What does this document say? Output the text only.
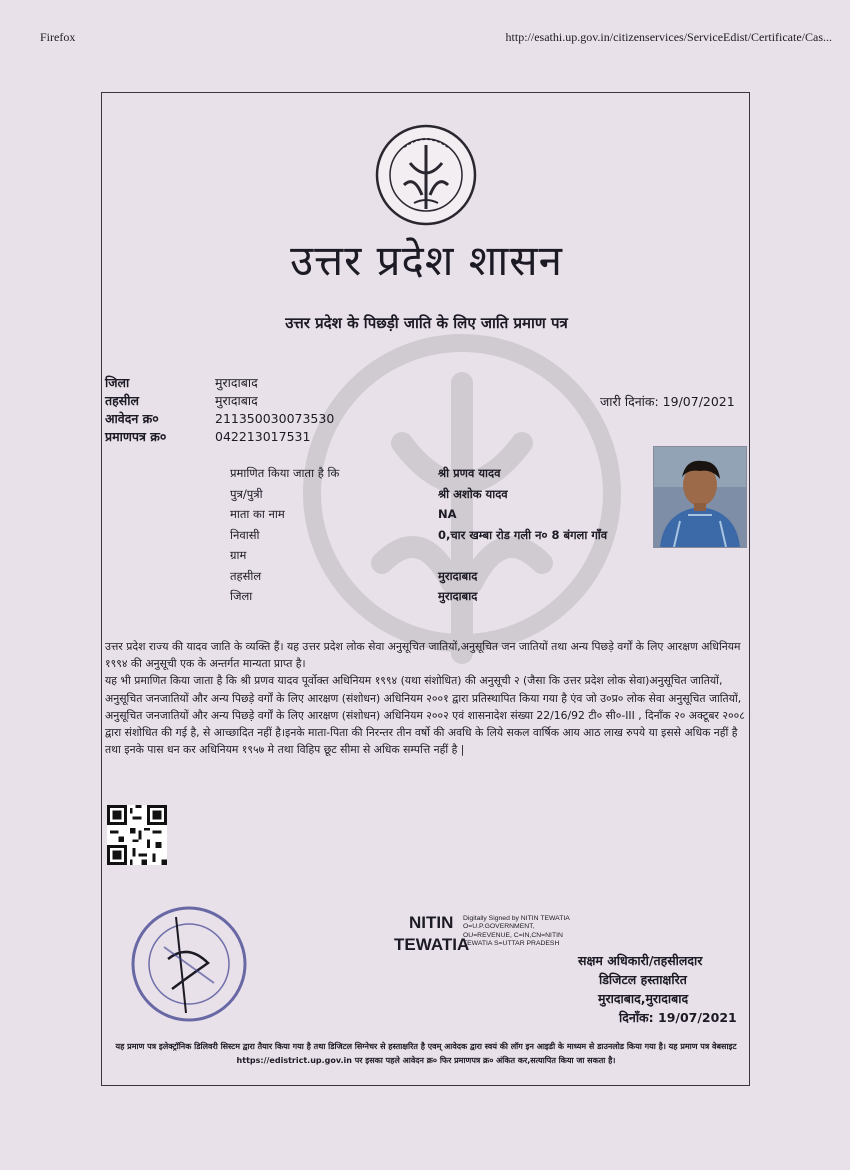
Firefox	http://esathi.up.gov.in/citizenservices/ServiceEdist/Certificate/Cas...
उत्तर प्रदेश शासन
उत्तर प्रदेश के पिछड़ी जाति के लिए जाति प्रमाण पत्र
जिला	मुरादाबाद
तहसील	मुरादाबाद
आवेदन क्र०	211350030073530
प्रमाणपत्र क्र०	042213017531
जारी दिनांक: 19/07/2021
प्रमाणित किया जाता है कि	श्री प्रणव यादव
पुत्र/पुत्री	श्री अशोक यादव
माता का नाम	NA
निवासी	0,चार खम्बा रोड गली न० 8 बंगला गाँव
ग्राम
तहसील	मुरादाबाद
जिला	मुरादाबाद

उत्तर प्रदेश राज्य की यादव जाति के व्यक्ति हैं। यह उत्तर प्रदेश लोक सेवा अनुसूचित जातियों,अनुसूचित जन जातियों तथा अन्य पिछड़े वर्गों के लिए आरक्षण अधिनियम १९९४ की अनुसूची एक के अन्तर्गत मान्यता प्राप्त है।

यह भी प्रमाणित किया जाता है कि श्री प्रणव यादव पूर्वोक्त अधिनियम १९९४ (यथा संशोधित) की अनुसूची २ (जैसा कि उत्तर प्रदेश लोक सेवा)अनुसूचित जातियों, अनुसूचित जनजातियों और अन्य पिछड़े वर्गों के लिए आरक्षण (संशोधन) अधिनियम २००१ द्वारा प्रतिस्थापित किया गया है एंव जो उ०प्र० लोक सेवा अनुसूचित जातियों, अनुसूचित जनजातियों और अन्य पिछड़े वर्गों के लिए आरक्षण (संशोधन) अधिनियम २००२ एवं शासनादेश संख्या 22/16/92 टी० सी०-III , दिनाँक २० अक्टूबर २००८ द्वारा संशोधित की गई है, से आच्छादित नहीं है।इनके माता-पिता की निरन्तर तीन वर्षो की अवधि के लिये सकल वार्षिक आय आठ लाख रुपये या इससे अधिक नहीं है तथा इनके पास धन कर अधिनियम १९५७ मे तथा विहिप छूट सीमा से अधिक सम्पत्ति नहीं है |

NITIN
TEWATIA
Digitally Signed by NITIN TEWATIA O=U.P.GOVERNMENT, OU=REVENUE, C=IN,CN=NITIN TEWATIA S=UTTAR PRADESH
सक्षम अधिकारी/तहसीलदार
डिजिटल हस्ताक्षरित
मुरादाबाद,मुरादाबाद
दिनाँक: 19/07/2021
यह प्रमाण पत्र इलेक्ट्रॉनिक डिलिवरी सिस्टम द्वारा तैयार किया गया है तथा डिजिटल सिग्नेचर से हस्ताक्षरित है एवम् आवेदक द्वारा स्वयं की लॉग इन आइडी के माध्यम से डाउनलोड किया गया है। यह प्रमाण पत्र वेबसाइट https://edistrict.up.gov.in पर इसका पहले आवेदन क्र० फिर प्रमाणपत्र क्र० अंकित कर,सत्यापित किया जा सकता है।
